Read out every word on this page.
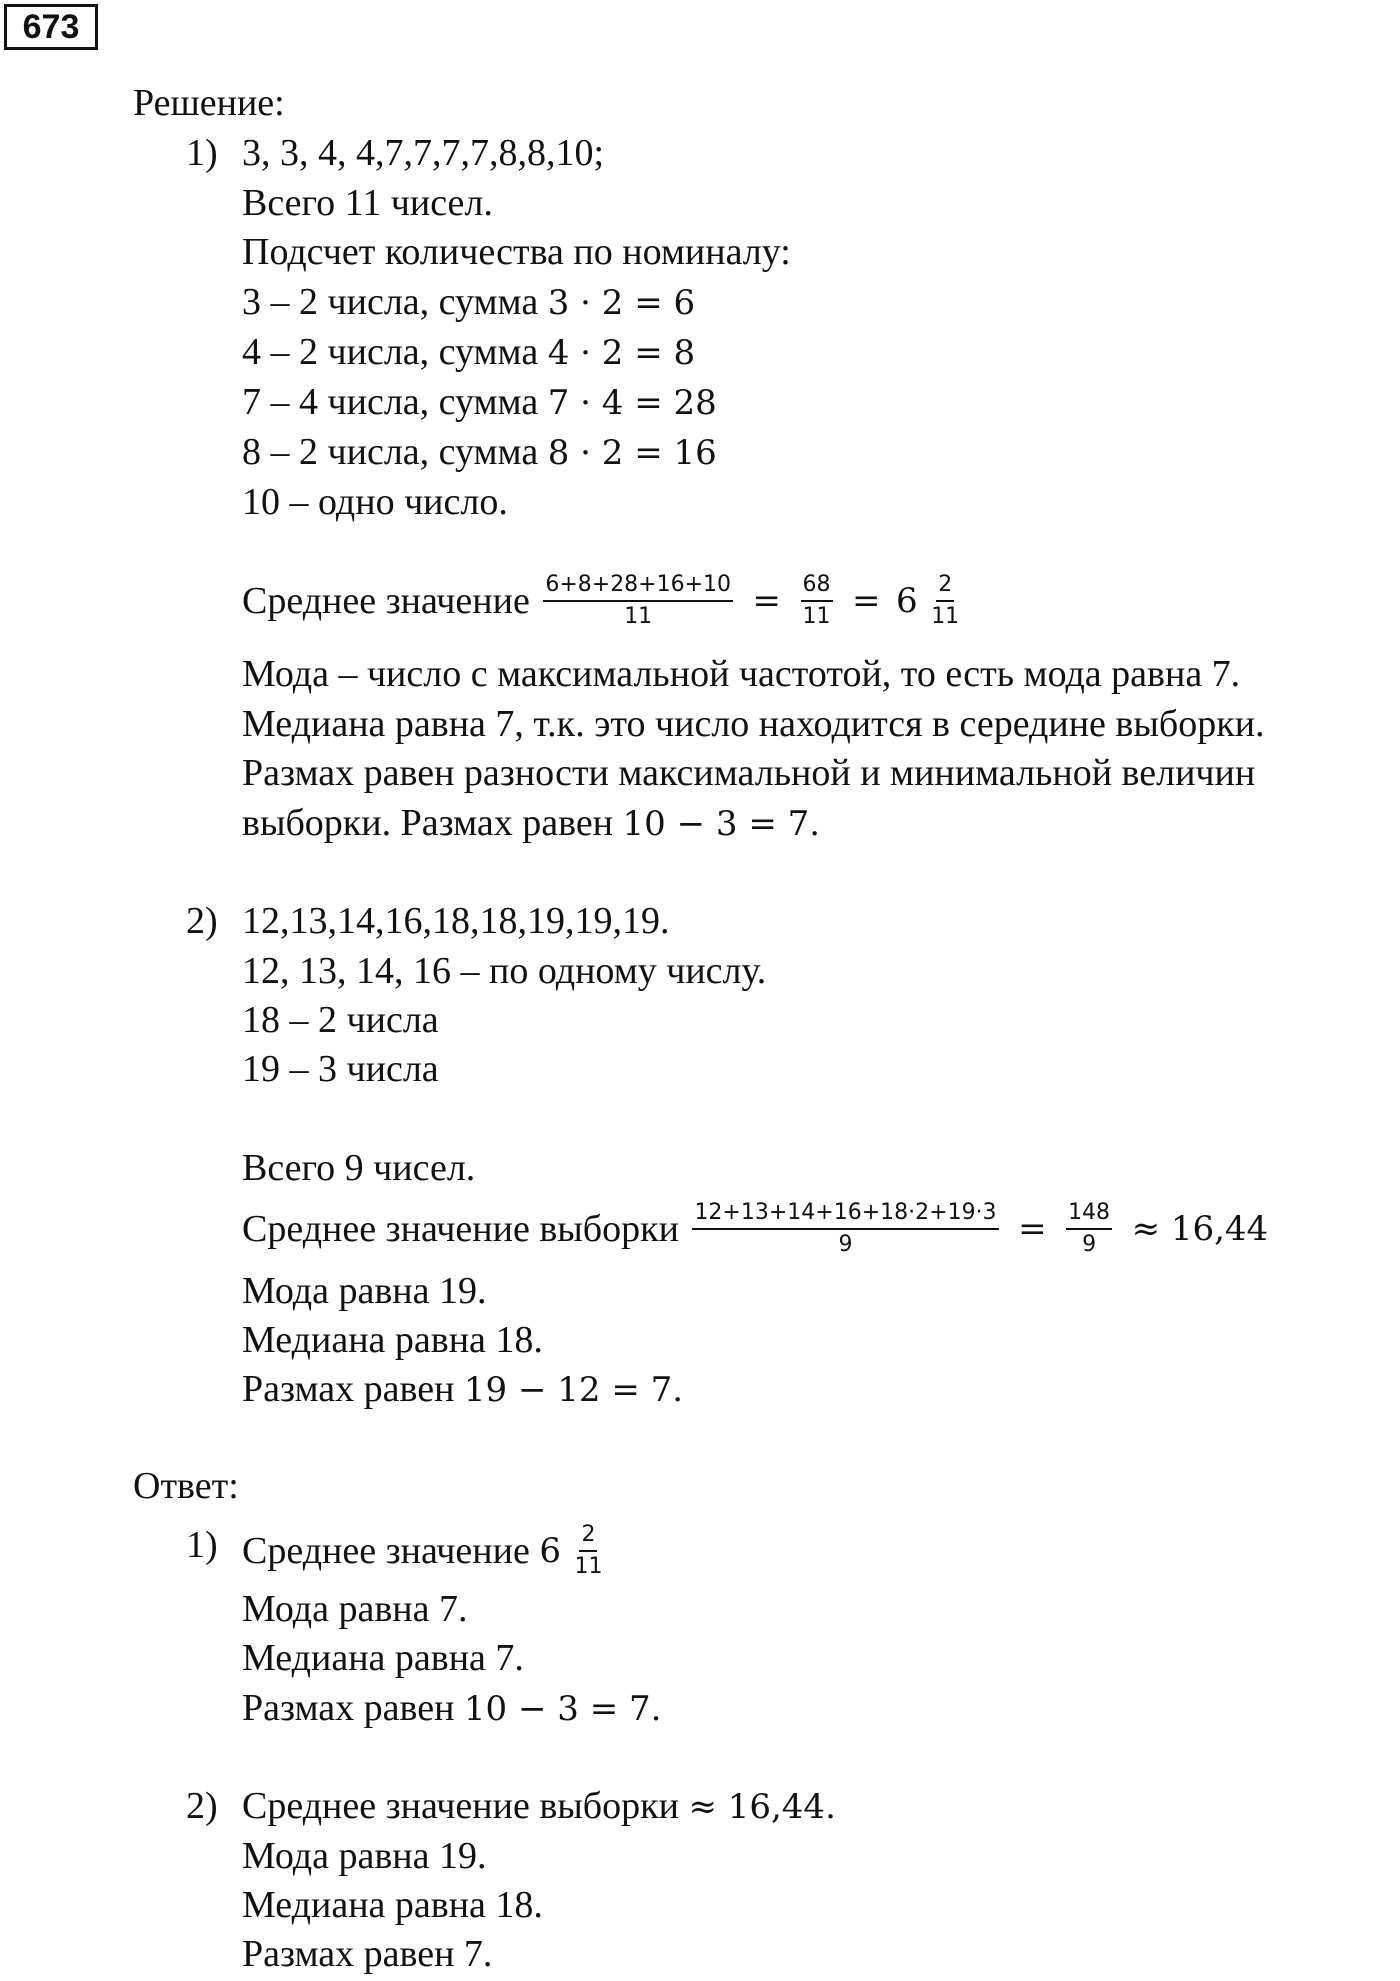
673
Решение:
1) 3, 3, 4, 4,7,7,7,7,8,8,10;
Всего 11 чисел.
Подсчет количества по номиналу:
3 – 2 числа, сумма 3 · 2 = 6
4 – 2 числа, сумма 4 · 2 = 8
7 – 4 числа, сумма 7 · 4 = 28
8 – 2 числа, сумма 8 · 2 = 16
10 – одно число.
Среднее значение $\frac{6+8+28+16+10}{11} = \frac{68}{11} = 6 \frac{2}{11}$
Мода – число с максимальной частотой, то есть мода равна 7.
Медиана равна 7, т.к. это число находится в середине выборки.
Размах равен разности максимальной и минимальной величин
выборки. Размах равен 10 − 3 = 7.
2) 12,13,14,16,18,18,19,19,19.
12, 13, 14, 16 – по одному числу.
18 – 2 числа
19 – 3 числа
Всего 9 чисел.
Среднее значение выборки $\frac{12+13+14+16+18\cdot 2+19\cdot 3}{9} = \frac{148}{9} \approx 16,44$
Мода равна 19.
Медиана равна 18.
Размах равен 19 − 12 = 7.
Ответ:
1) Среднее значение $6 \frac{2}{11}$
Мода равна 7.
Медиана равна 7.
Размах равен 10 − 3 = 7.
2) Среднее значение выборки ≈ 16,44.
Мода равна 19.
Медиана равна 18.
Размах равен 7.
